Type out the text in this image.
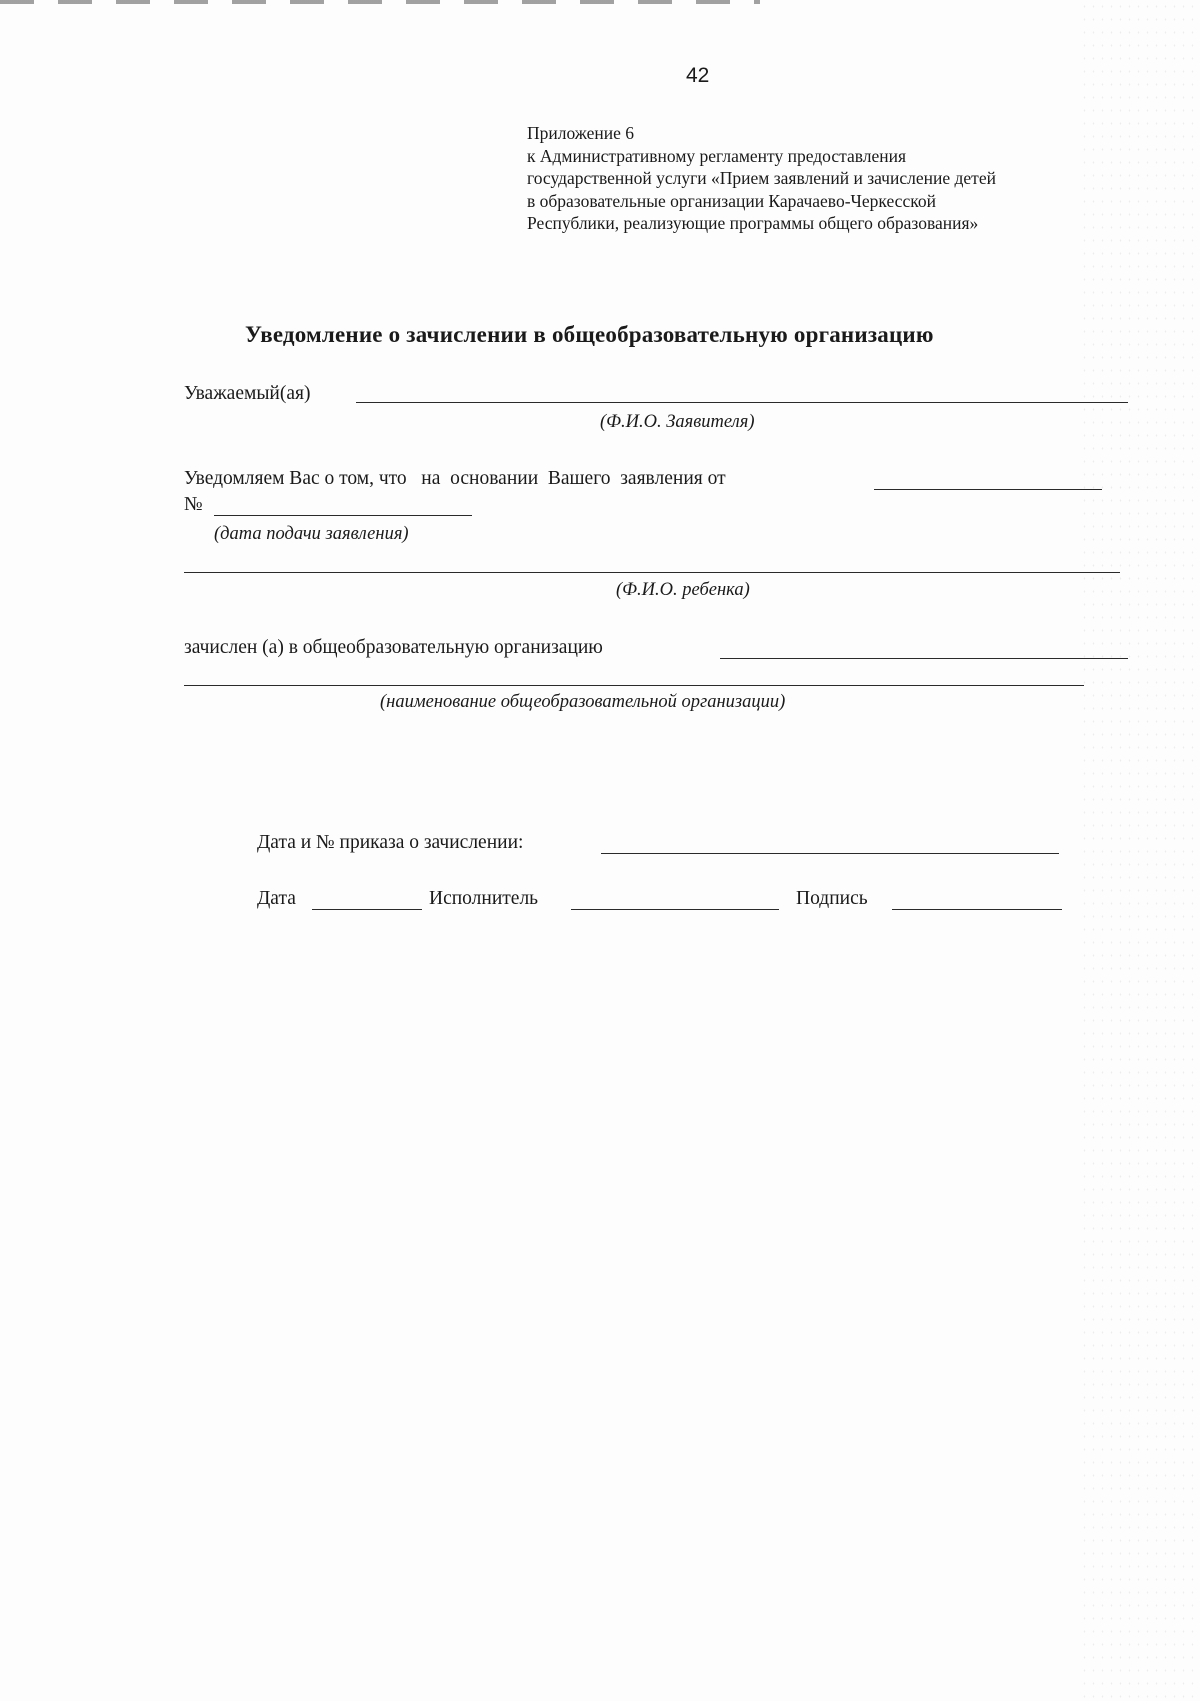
42
Приложение 6
к Административному регламенту предоставления
государственной услуги «Прием заявлений и зачисление детей
в образовательные организации Карачаево-Черкесской
Республики, реализующие программы общего образования»
Уведомление о зачислении в общеобразовательную организацию
Уважаемый(ая)
(Ф.И.О. Заявителя)
Уведомляем Вас о том, что   на  основании  Вашего  заявления от
№
(дата подачи заявления)
(Ф.И.О. ребенка)
зачислен (а) в общеобразовательную организацию
(наименование общеобразовательной организации)
Дата и № приказа о зачислении:
Дата	Исполнитель	Подпись
